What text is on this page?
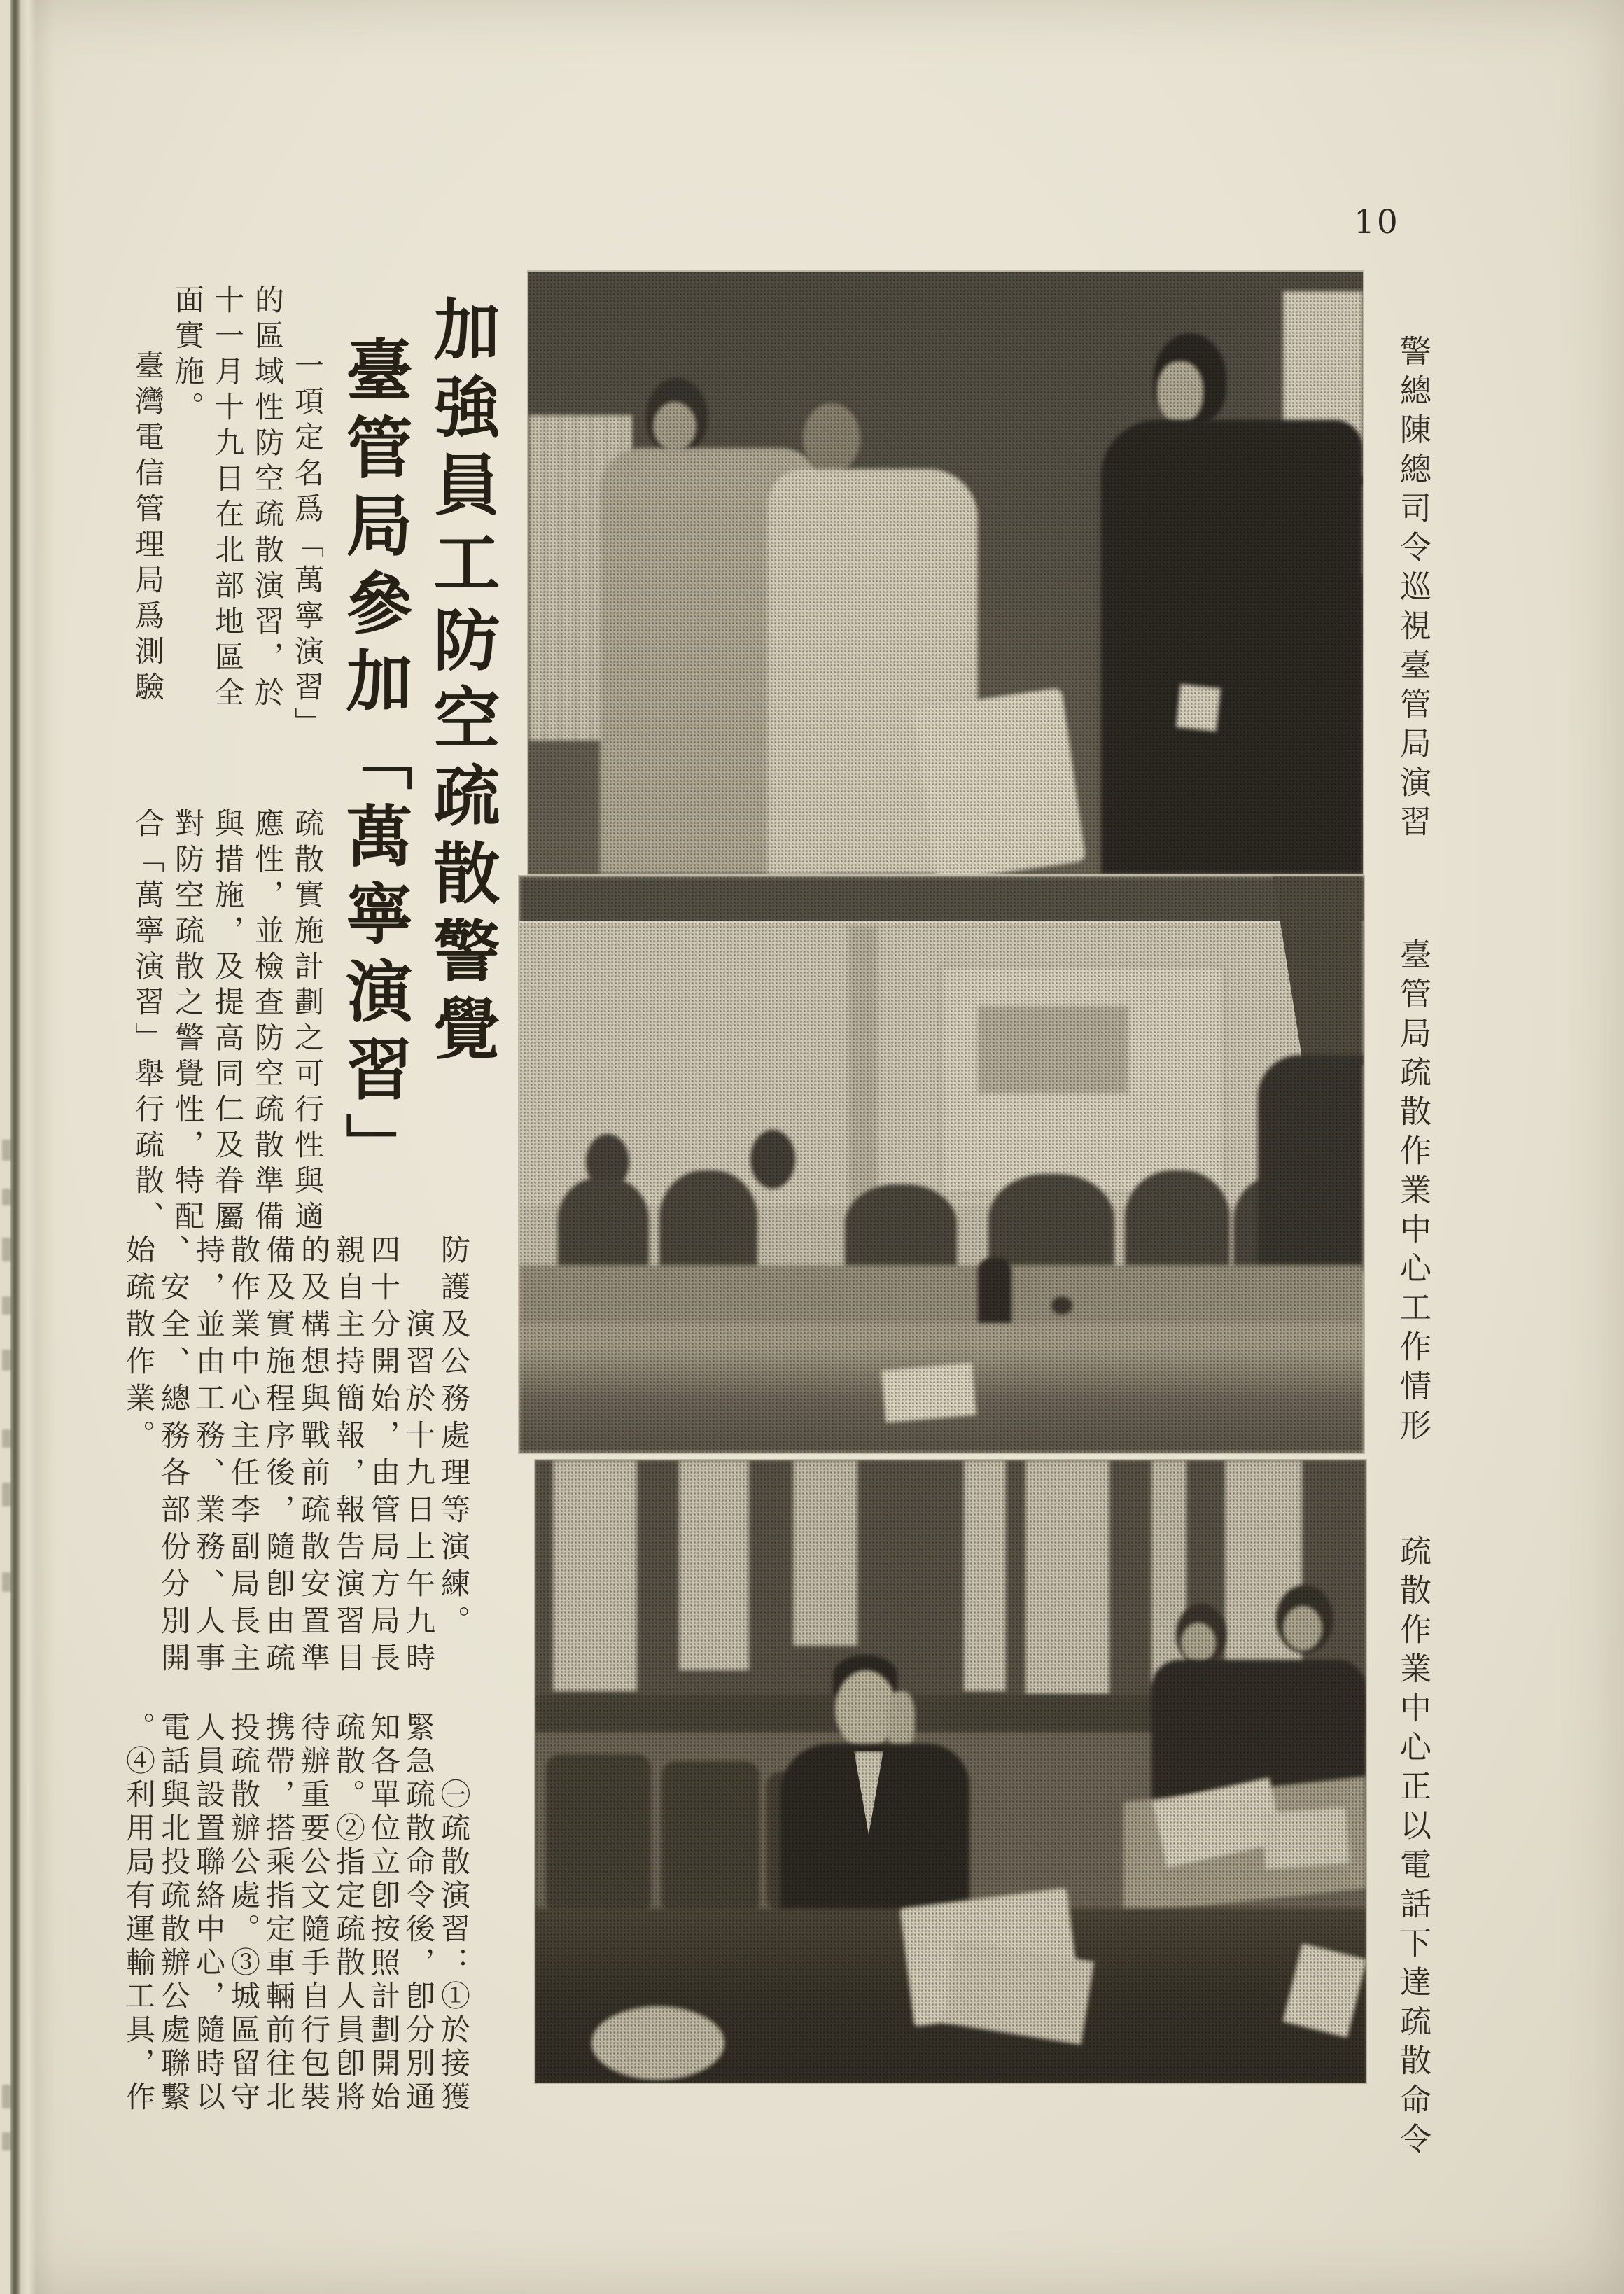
10
加強員工防空疏散警覺
臺管局參加「萬寧演習」
一項定名爲「萬寧演習」
的區域性防空疏散演習，於
十一月十九日在北部地區全
面實施。
臺灣電信管理局爲測驗
疏散實施計劃之可行性與適
應性，並檢查防空疏散準備
與措施，及提高同仁及眷屬
對防空疏散之警覺性，特配
合「萬寧演習」舉行疏散、
防護及公務處理等演練。
演習於十九日上午九時
四十分開始，由管局方局長
親自主持簡報，報告演習目
的及構想與戰前疏散安置準
備及實施程序後，隨卽由疏
散作業中心主任李副局長主
持，並由工務、業務、人事
、安全、總務各部份分別開
始疏散作業。
㊀疏散演習：①於接獲
緊急疏散命令後，卽分別通
知各單位立卽按照計劃開始
疏散。②指定疏散人員卽將
待辦重要公文隨手自行包裝
携帶，搭乘指定車輛前往北
投疏散辦公處。③城區留守
人員設置聯絡中心，隨時以
電話與北投疏散辦公處聯繫
。④利用局有運輸工具，作
警總陳總司令巡視臺管局演習
臺管局疏散作業中心工作情形
疏散作業中心正以電話下達疏散命令
